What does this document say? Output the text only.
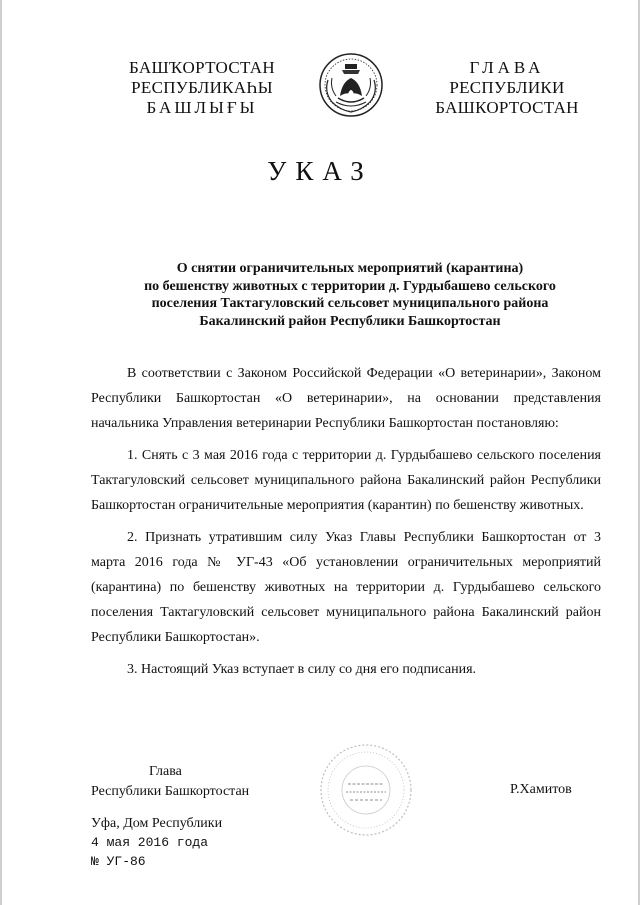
БАШҠОРТОСТАН
РЕСПУБЛИКАҺЫ
БАШЛЫҒЫ
ГЛАВА
РЕСПУБЛИКИ
БАШКОРТОСТАН
УКАЗ
О снятии ограничительных мероприятий (карантина)
по бешенству животных с территории д. Гурдыбашево сельского
поселения Тактагуловский сельсовет муниципального района
Бакалинский район Республики Башкортостан

В соответствии с Законом Российской Федерации «О ветеринарии», Законом Республики Башкортостан «О ветеринарии», на основании представления начальника Управления ветеринарии Республики Башкортостан постановляю:

1. Снять с 3 мая 2016 года с территории д. Гурдыбашево сельского поселения Тактагуловский сельсовет муниципального района Бакалинский район Республики Башкортостан ограничительные мероприятия (карантин) по бешенству животных.

2. Признать утратившим силу Указ Главы Республики Башкортостан от 3 марта 2016 года № УГ-43 «Об установлении ограничительных мероприятий (карантина) по бешенству животных на территории д. Гурдыбашево сельского поселения Тактагуловский сельсовет муниципального района Бакалинский район Республики Башкортостан».

3. Настоящий Указ вступает в силу со дня его подписания.

Глава
Республики Башкортостан	Р.Хамитов
Уфа, Дом Республики
4 мая 2016 года
№ УГ-86
